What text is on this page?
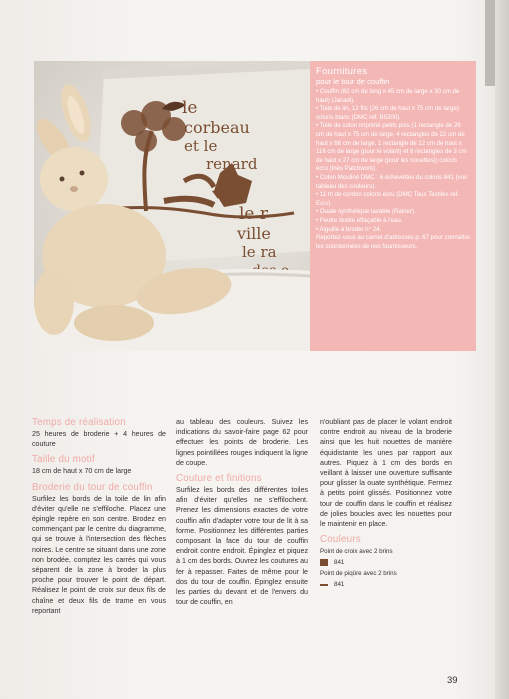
le
corbeau
et le
renard
le r
ville
le ra
Fournitures
pour le tour de couffin

• Couffin (82 cm de long x 45 cm de large x 30 cm de haut) (Jacadi).

• Toile de lin, 12 fils (26 cm de haut x 75 cm de large) coloris blanc (DMC réf. B5200).

• Toile de coton imprimé petits pois (1 rectangle de 26 cm de haut x 75 cm de large, 4 rectangles de 22 cm de haut x 66 cm de large, 1 rectangle de 12 cm de haut x 116 cm de large (pour le volant) et 8 rectangles de 3 cm de haut x 27 cm de large (pour les nouettes)) coloris écru (Inès Patchwork).

• Coton Mouliné DMC : 6 échevettes du coloris 841 (voir tableau des couleurs).

• 11 m de cordon coloris écru (DMC Tous Textiles réf. Ecru).

• Ouate synthétique lavable (Rainer).

• Feutre textile effaçable à l'eau.

• Aiguille à broder n° 24.

Reportez-vous au carnet d'adresses p. 67 pour connaître les coordonnées de nos fournisseurs.

Temps de réalisation

25 heures de broderie + 4 heures de couture

Taille du motif

18 cm de haut x 70 cm de large

Broderie du tour de couffin

Surfilez les bords de la toile de lin afin d'éviter qu'elle ne s'effiloche. Placez une épingle repère en son centre. Brodez en commençant par le centre du diagramme, qui se trouve à l'intersection des flèches noires. Le centre se situant dans une zone non brodée, comptez les carrés qui vous séparent de la zone à broder la plus proche pour trouver le point de départ. Réalisez le point de croix sur deux fils de chaîne et deux fils de trame en vous reportant

au tableau des couleurs. Suivez les indications du savoir-faire page 62 pour effectuer les points de broderie. Les lignes pointillées rouges indiquent la ligne de coupe.

Couture et finitions

Surfilez les bords des différentes toiles afin d'éviter qu'elles ne s'effilochent. Prenez les dimensions exactes de votre couffin afin d'adapter votre tour de lit à sa forme. Positionnez les différentes parties composant la face du tour de couffin endroit contre endroit. Épinglez et piquez à 1 cm des bords. Ouvrez les coutures au fer à repasser. Faites de même pour le dos du tour de couffin. Épinglez ensuite les parties du devant et de l'envers du tour de couffin, en

n'oubliant pas de placer le volant endroit contre endroit au niveau de la broderie ainsi que les huit nouettes de manière équidistante les unes par rapport aux autres. Piquez à 1 cm des bords en veillant à laisser une ouverture suffisante pour glisser la ouate synthétique. Fermez à petits point glissés. Positionnez votre tour de couffin dans le couffin et réalisez de jolies boucles avec les nouettes pour le maintenir en place.

Couleurs
Point de croix avec 2 brins
841
Point de piqûre avec 2 brins
841
39
